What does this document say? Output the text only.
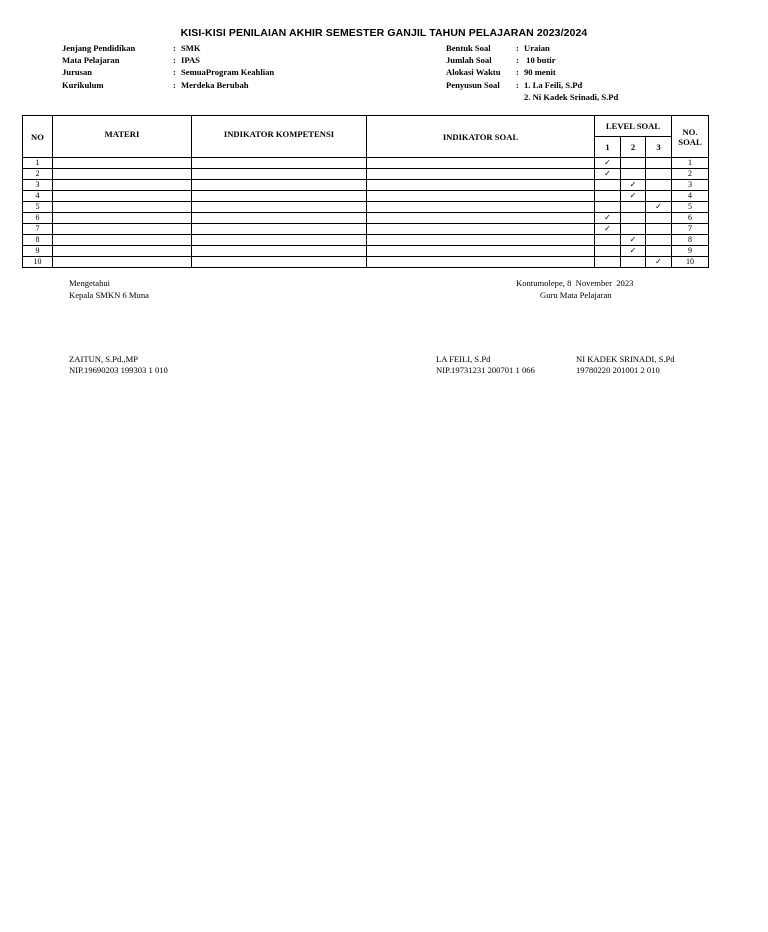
KISI-KISI PENILAIAN AKHIR SEMESTER GANJIL TAHUN PELAJARAN 2023/2024
Jenjang Pendidikan	: SMK
Mata Pelajaran	: IPAS
Jurusan	: SemuaProgram Keahlian
Kurikulum	: Merdeka Berubah
Bentuk Soal	: Uraian
Jumlah Soal	: 10 butir
Alokasi Waktu	: 90 menit
Penyusun Soal	: 1. La Feili, S.Pd
2. Ni Kadek Srinadi, S.Pd
NO	MATERI	INDIKATOR KOMPETENSI	INDIKATOR SOAL	LEVEL SOAL			NO. SOAL
				1	2	3	
1				✓			1
2				✓			2
3					✓		3
4					✓		4
5						✓	5
6				✓			6
7				✓			7
8					✓		8
9					✓		9
10						✓	10
Mengetahui
Kepala SMKN 6 Muna
Kontumolepe, 8  November  2023
Guru Mata Pelajaran
ZAITUN, S.Pd.,MP
NIP.19690203 199303 1 010
LA FEILI, S.Pd
NIP.19731231 200701 1 066
NI KADEK SRINADI, S.Pd
19780220 201001 2 010
